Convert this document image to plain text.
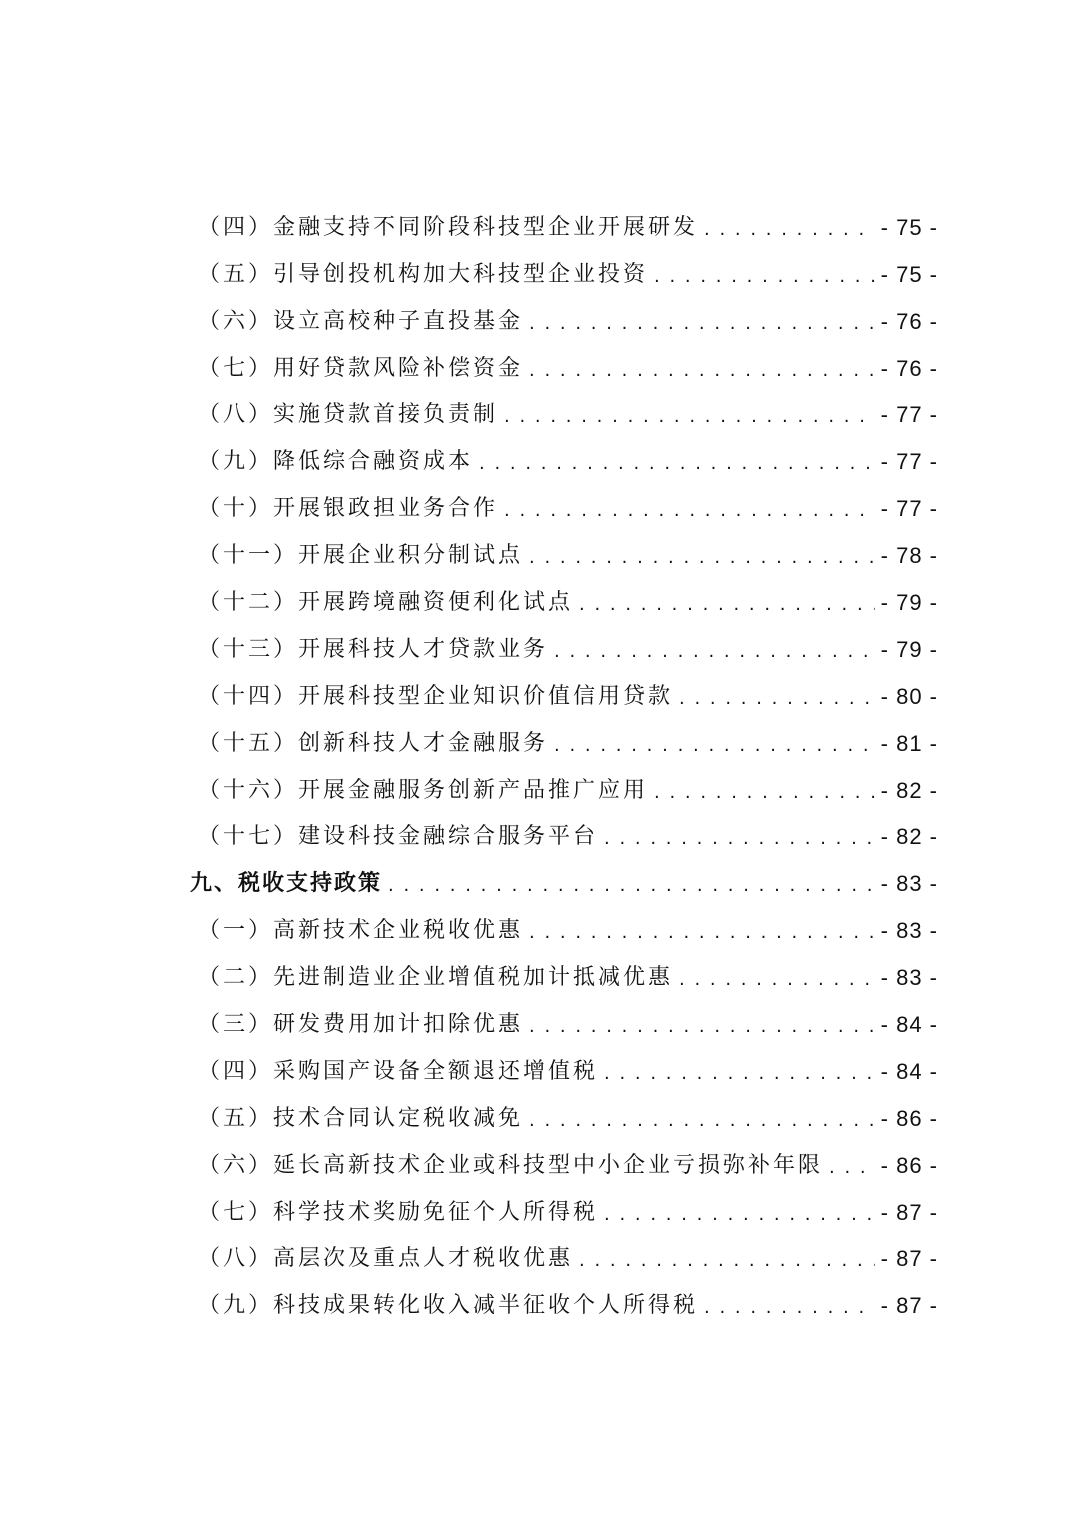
（四）金融支持不同阶段科技型企业开展研发 . . .	- 75 -
（五）引导创投机构加大科技型企业投资 . . .	- 75 -
（六）设立高校种子直投基金 . . .	- 76 -
（七）用好贷款风险补偿资金 . . .	- 76 -
（八）实施贷款首接负责制 . . .	- 77 -
（九）降低综合融资成本 . . .	- 77 -
（十）开展银政担业务合作 . . .	- 77 -
（十一）开展企业积分制试点 . . .	- 78 -
（十二）开展跨境融资便利化试点 . . .	- 79 -
（十三）开展科技人才贷款业务 . . .	- 79 -
（十四）开展科技型企业知识价值信用贷款 . . .	- 80 -
（十五）创新科技人才金融服务 . . .	- 81 -
（十六）开展金融服务创新产品推广应用 . . .	- 82 -
（十七）建设科技金融综合服务平台 . . .	- 82 -
九、税收支持政策 . . .	- 83 -
（一）高新技术企业税收优惠 . . .	- 83 -
（二）先进制造业企业增值税加计抵减优惠 . . .	- 83 -
（三）研发费用加计扣除优惠 . . .	- 84 -
（四）采购国产设备全额退还增值税 . . .	- 84 -
（五）技术合同认定税收减免 . . .	- 86 -
（六）延长高新技术企业或科技型中小企业亏损弥补年限 . . .	- 86 -
（七）科学技术奖励免征个人所得税 . . .	- 87 -
（八）高层次及重点人才税收优惠 . . .	- 87 -
（九）科技成果转化收入减半征收个人所得税 . . .	- 87 -
